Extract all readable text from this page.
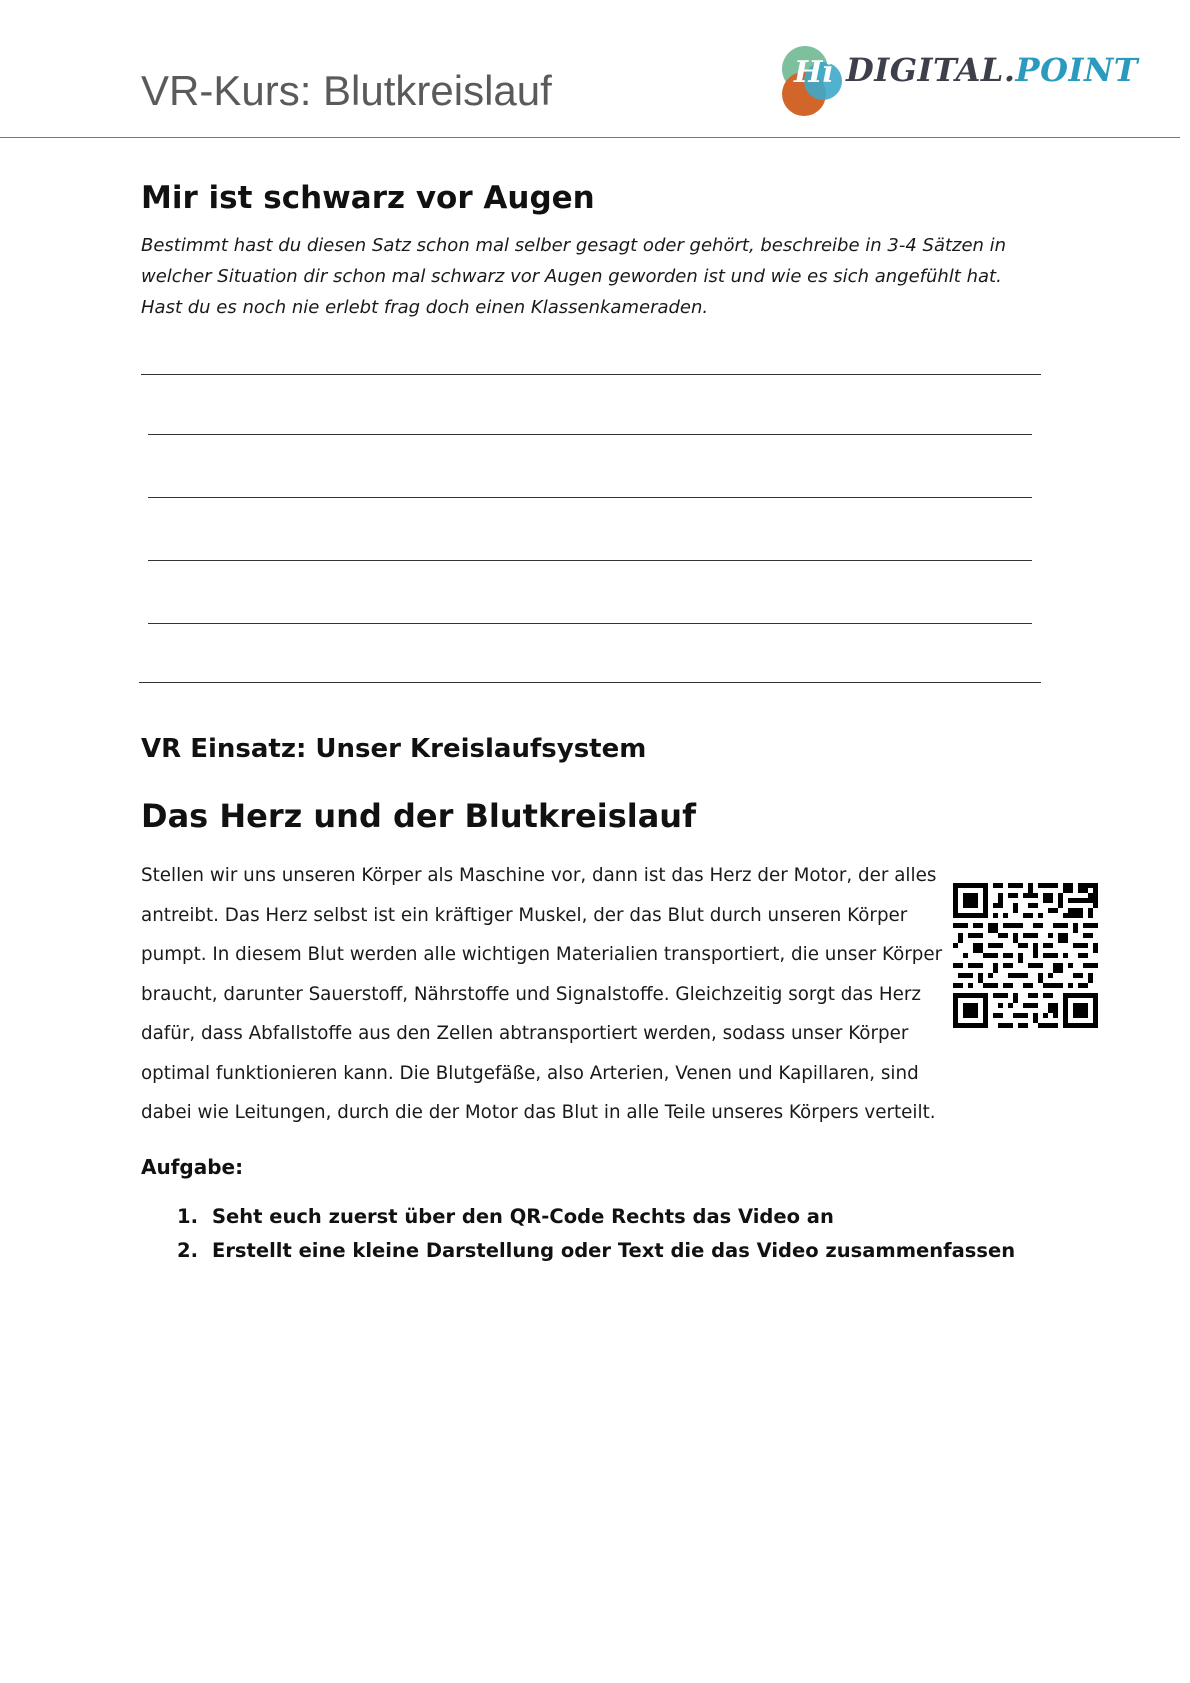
VR-Kurs: Blutkreislauf	Hi DIGITAL.POINT
Mir ist schwarz vor Augen
Bestimmt hast du diesen Satz schon mal selber gesagt oder gehört, beschreibe in 3-4 Sätzen in welcher Situation dir schon mal schwarz vor Augen geworden ist und wie es sich angefühlt hat. Hast du es noch nie erlebt frag doch einen Klassenkameraden.
VR Einsatz: Unser Kreislaufsystem
Das Herz und der Blutkreislauf
Stellen wir uns unseren Körper als Maschine vor, dann ist das Herz der Motor, der alles antreibt. Das Herz selbst ist ein kräftiger Muskel, der das Blut durch unseren Körper pumpt. In diesem Blut werden alle wichtigen Materialien transportiert, die unser Körper braucht, darunter Sauerstoff, Nährstoffe und Signalstoffe. Gleichzeitig sorgt das Herz dafür, dass Abfallstoffe aus den Zellen abtransportiert werden, sodass unser Körper optimal funktionieren kann. Die Blutgefäße, also Arterien, Venen und Kapillaren, sind dabei wie Leitungen, durch die der Motor das Blut in alle Teile unseres Körpers verteilt.
Aufgabe:
1. Seht euch zuerst über den QR-Code Rechts das Video an
2. Erstellt eine kleine Darstellung oder Text die das Video zusammenfassen
